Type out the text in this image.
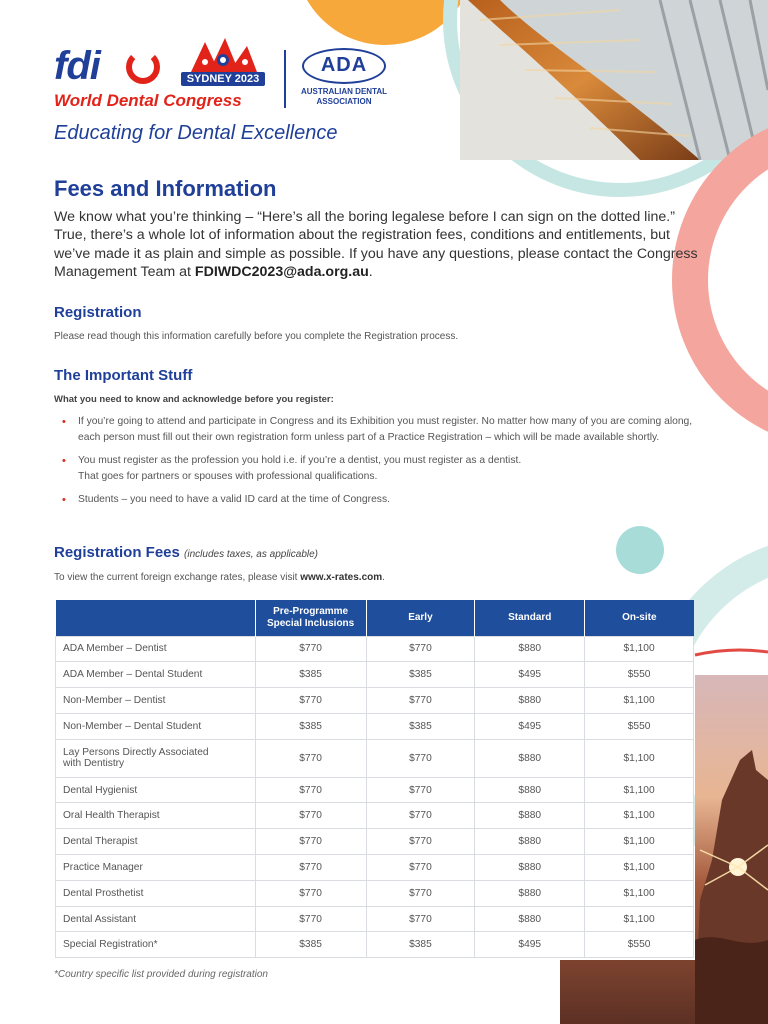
fdi
World Dental Congress
SYDNEY 2023
ADA
AUSTRALIAN DENTAL
ASSOCIATION
Educating for Dental Excellence
Fees and Information

We know what you’re thinking – “Here’s all the boring legalese before I can sign on the dotted line.” True, there’s a whole lot of information about the registration fees, conditions and entitlements, but we’ve made it as plain and simple as possible. If you have any questions, please contact the Congress Management Team at FDIWDC2023@ada.org.au.

Registration

Please read though this information carefully before you complete the Registration process.

The Important Stuff

What you need to know and acknowledge before you register:

• If you’re going to attend and participate in Congress and its Exhibition you must register. No matter how many of you are coming along, each person must fill out their own registration form unless part of a Practice Registration – which will be made available shortly.
• You must register as the profession you hold i.e. if you’re a dentist, you must register as a dentist.
That goes for partners or spouses with professional qualifications.
• Students – you need to have a valid ID card at the time of Congress.
Registration Fees (includes taxes, as applicable)

To view the current foreign exchange rates, please visit www.x-rates.com.

	Pre-Programme
Special Inclusions	Early	Standard	On-site
ADA Member – Dentist	$770	$770	$880	$1,100
ADA Member – Dental Student	$385	$385	$495	$550
Non-Member – Dentist	$770	$770	$880	$1,100
Non-Member – Dental Student	$385	$385	$495	$550
Lay Persons Directly Associated
with Dentistry	$770	$770	$880	$1,100
Dental Hygienist	$770	$770	$880	$1,100
Oral Health Therapist	$770	$770	$880	$1,100
Dental Therapist	$770	$770	$880	$1,100
Practice Manager	$770	$770	$880	$1,100
Dental Prosthetist	$770	$770	$880	$1,100
Dental Assistant	$770	$770	$880	$1,100
Special Registration*	$385	$385	$495	$550

*Country specific list provided during registration
